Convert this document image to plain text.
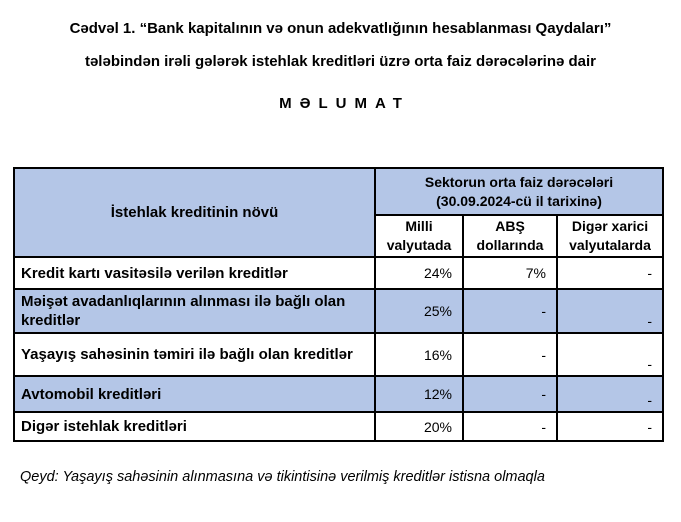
Cədvəl 1. “Bank kapitalının və onun adekvatlığının hesablanması Qaydaları”
tələbindən irəli gələrək istehlak kreditləri üzrə orta faiz dərəcələrinə dair
MƏLUMAT
İstehlak kreditinin növü	Sektorun orta faiz dərəcələri
(30.09.2024-cü il tarixinə)		

	Milli valyutada	ABŞ dollarında	Digər xarici valyutalarda
Kredit kartı vasitəsilə verilən kreditlər	24%	7%	-
Məişət avadanlıqlarının alınması ilə bağlı olan kreditlər	25%	-	-
Yaşayış sahəsinin təmiri ilə bağlı olan kreditlər	16%	-	-
Avtomobil kreditləri	12%	-	-
Digər istehlak kreditləri	20%	-	-
Qeyd: Yaşayış sahəsinin alınmasına və tikintisinə verilmiş kreditlər istisna olmaqla
